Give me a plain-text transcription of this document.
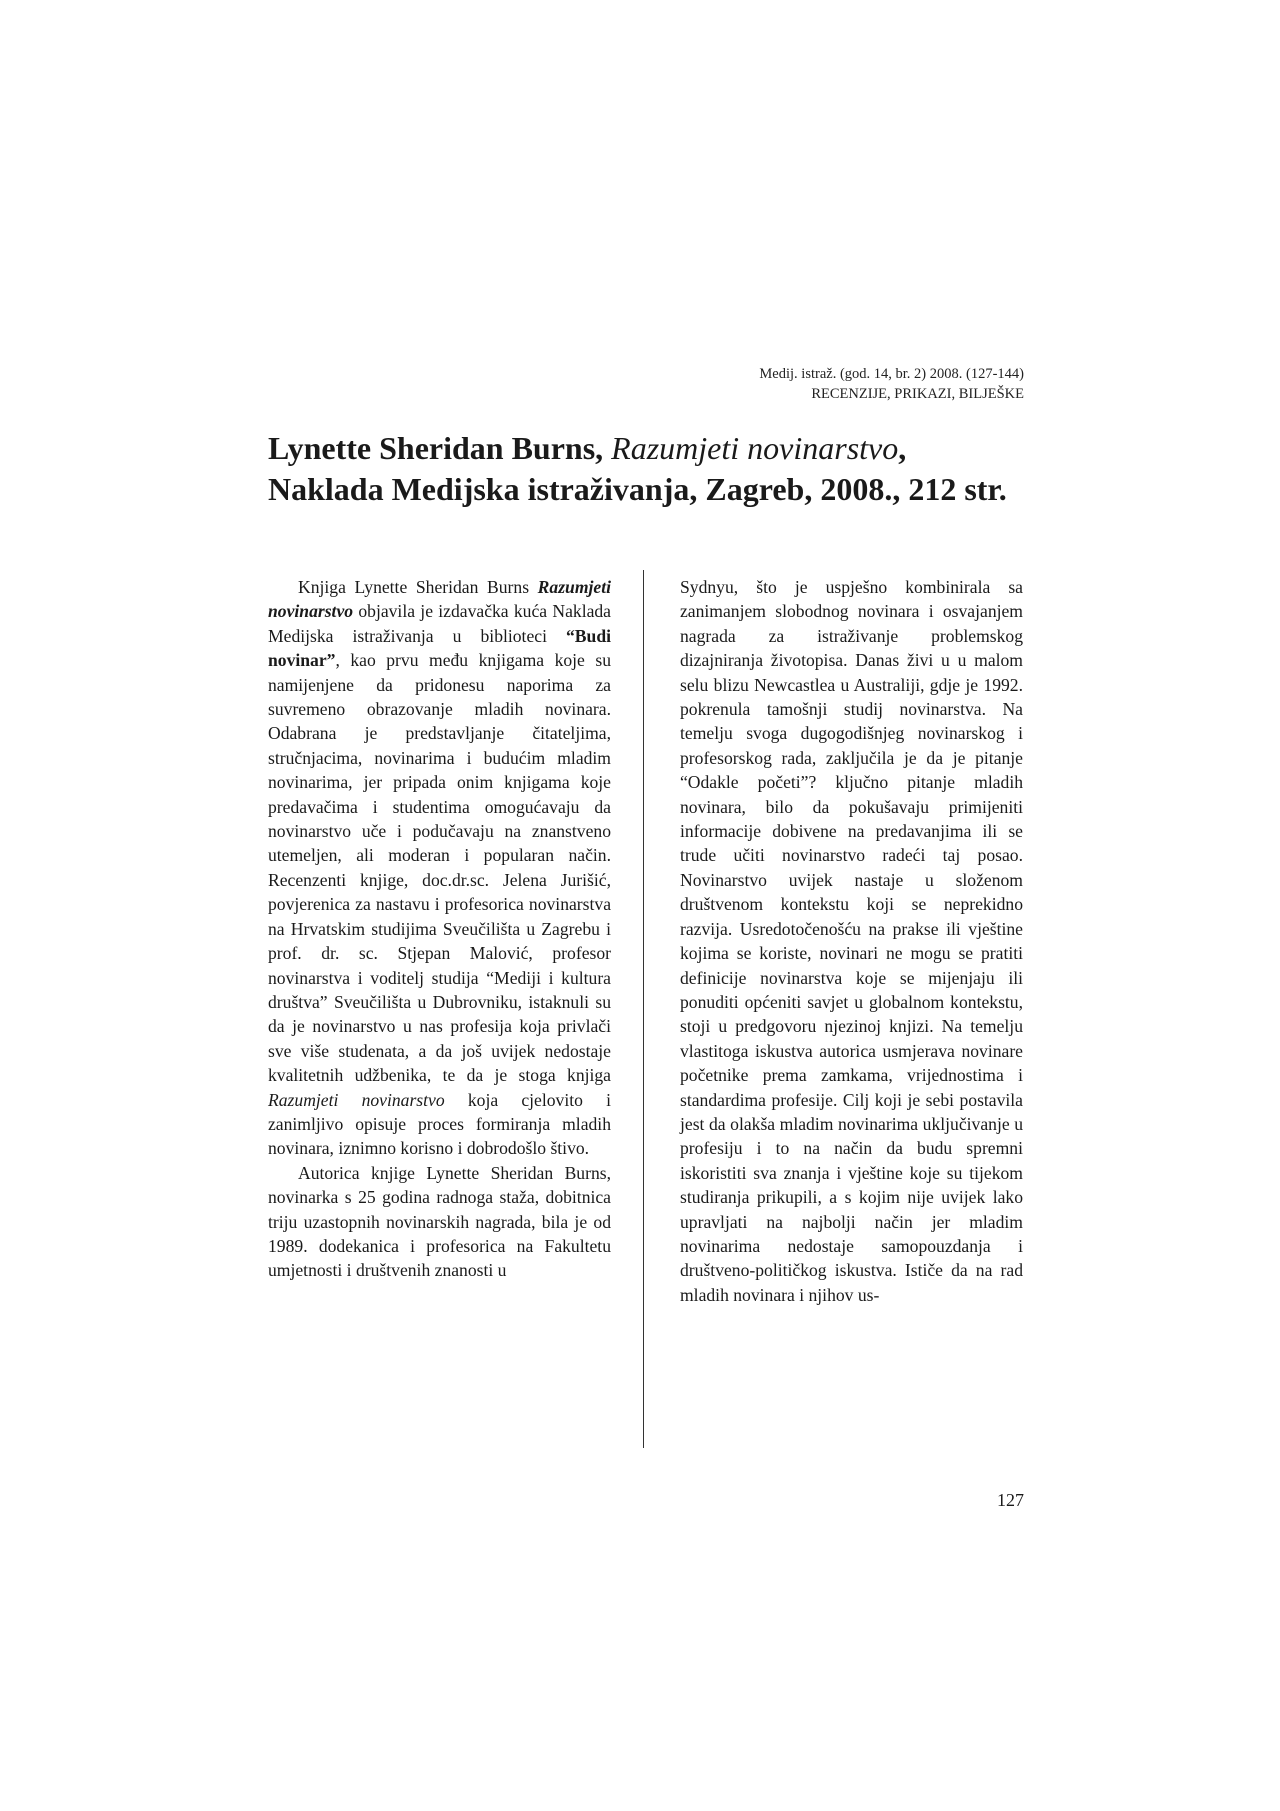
Medij. istraž. (god. 14, br. 2) 2008. (127-144)
RECENZIJE, PRIKAZI, BILJEŠKE
Lynette Sheridan Burns, Razumjeti novinarstvo, Naklada Medijska istraživanja, Zagreb, 2008., 212 str.

Knjiga Lynette Sheridan Burns Razumjeti novinarstvo objavila je izdavačka kuća Naklada Medijska istraživanja u biblioteci “Budi novinar”, kao prvu među knjigama koje su namijenjene da pridonesu naporima za suvremeno obrazovanje mladih novinara. Odabrana je predstavljanje čitateljima, stručnjacima, novinarima i budućim mladim novinarima, jer pripada onim knjigama koje predavačima i studentima omogućavaju da novinarstvo uče i podučavaju na znanstveno utemeljen, ali moderan i popularan način. Recenzenti knjige, doc.dr.sc. Jelena Jurišić, povjerenica za nastavu i profesorica novinarstva na Hrvatskim studijima Sveučilišta u Zagrebu i prof. dr. sc. Stjepan Malović, profesor novinarstva i voditelj studija “Mediji i kultura društva” Sveučilišta u Dubrovniku, istaknuli su da je novinarstvo u nas profesija koja privlači sve više studenata, a da još uvijek nedostaje kvalitetnih udžbenika, te da je stoga knjiga Razumjeti novinarstvo koja cjelovito i zanimljivo opisuje proces formiranja mladih novinara, iznimno korisno i dobrodošlo štivo.

Autorica knjige Lynette Sheridan Burns, novinarka s 25 godina radnoga staža, dobitnica triju uzastopnih novinarskih nagrada, bila je od 1989. dodekanica i profesorica na Fakultetu umjetnosti i društvenih znanosti u

Sydnyu, što je uspješno kombinirala sa zanimanjem slobodnog novinara i osvajanjem nagrada za istraživanje problemskog dizajniranja životopisa. Danas živi u u malom selu blizu Newcastlea u Australiji, gdje je 1992. pokrenula tamošnji studij novinarstva. Na temelju svoga dugogodišnjeg novinarskog i profesorskog rada, zaključila je da je pitanje “Odakle početi”? ključno pitanje mladih novinara, bilo da pokušavaju primijeniti informacije dobivene na predavanjima ili se trude učiti novinarstvo radeći taj posao. Novinarstvo uvijek nastaje u složenom društvenom kontekstu koji se neprekidno razvija. Usredotočenošću na prakse ili vještine kojima se koriste, novinari ne mogu se pratiti definicije novinarstva koje se mijenjaju ili ponuditi općeniti savjet u globalnom kontekstu, stoji u predgovoru njezinoj knjizi. Na temelju vlastitoga iskustva autorica usmjerava novinare početnike prema zamkama, vrijednostima i standardima profesije. Cilj koji je sebi postavila jest da olakša mladim novinarima uključivanje u profesiju i to na način da budu spremni iskoristiti sva znanja i vještine koje su tijekom studiranja prikupili, a s kojim nije uvijek lako upravljati na najbolji način jer mladim novinarima nedostaje samopouzdanja i društveno-političkog iskustva. Ističe da na rad mladih novinara i njihov us-

127
